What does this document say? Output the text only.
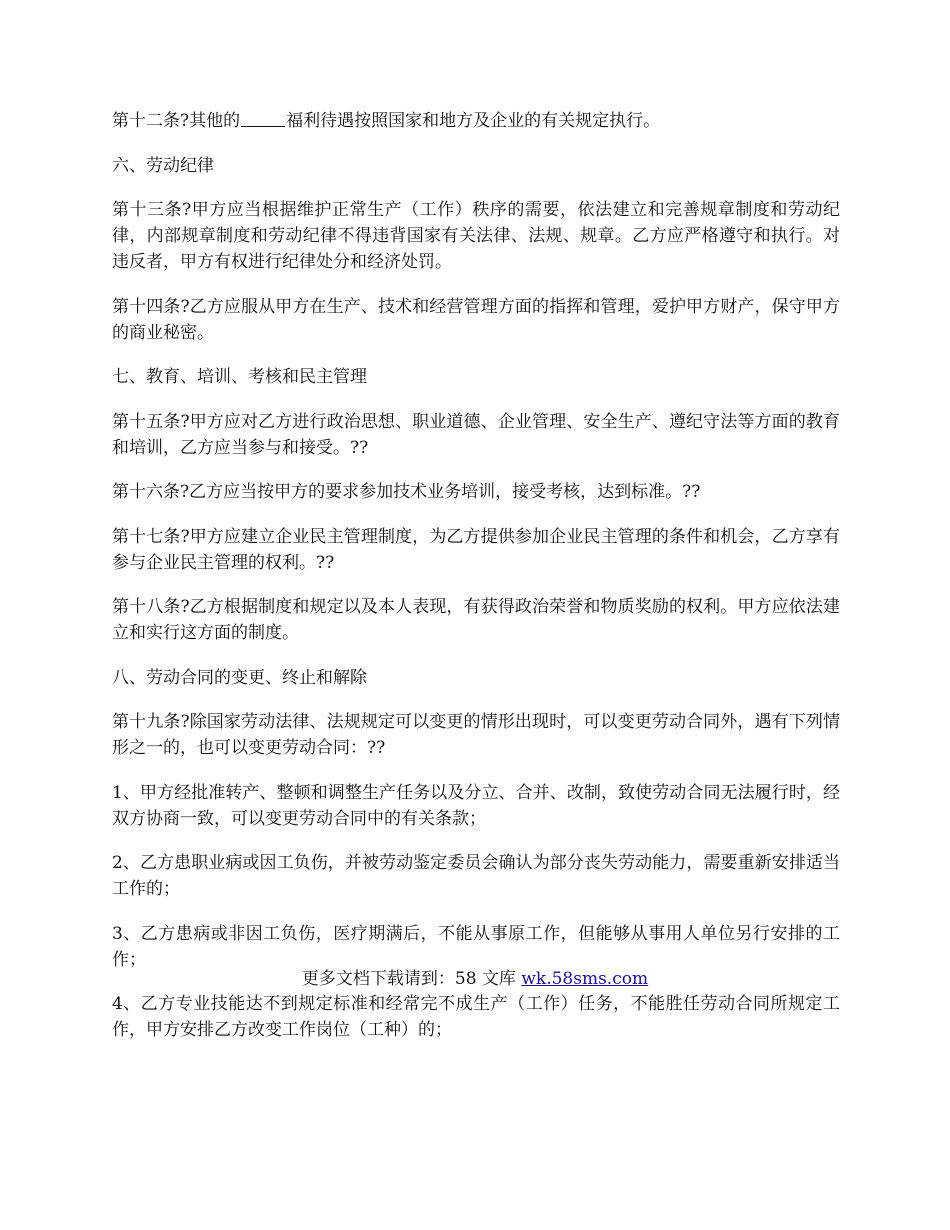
第十二条?其他的	福利待遇按照国家和地方及企业的有关规定执行。

六、劳动纪律

第十三条?甲方应当根据维护正常生产（工作）秩序的需要，依法建立和完善规章制度和劳动纪律，内部规章制度和劳动纪律不得违背国家有关法律、法规、规章。乙方应严格遵守和执行。对违反者，甲方有权进行纪律处分和经济处罚。

第十四条?乙方应服从甲方在生产、技术和经营管理方面的指挥和管理，爱护甲方财产，保守甲方的商业秘密。

七、教育、培训、考核和民主管理

第十五条?甲方应对乙方进行政治思想、职业道德、企业管理、安全生产、遵纪守法等方面的教育和培训，乙方应当参与和接受。??

第十六条?乙方应当按甲方的要求参加技术业务培训，接受考核，达到标准。??

第十七条?甲方应建立企业民主管理制度，为乙方提供参加企业民主管理的条件和机会，乙方享有参与企业民主管理的权利。??

第十八条?乙方根据制度和规定以及本人表现，有获得政治荣誉和物质奖励的权利。甲方应依法建立和实行这方面的制度。

八、劳动合同的变更、终止和解除

第十九条?除国家劳动法律、法规规定可以变更的情形出现时，可以变更劳动合同外，遇有下列情形之一的，也可以变更劳动合同：??

1、甲方经批准转产、整顿和调整生产任务以及分立、合并、改制，致使劳动合同无法履行时，经双方协商一致，可以变更劳动合同中的有关条款；

2、乙方患职业病或因工负伤，并被劳动鉴定委员会确认为部分丧失劳动能力，需要重新安排适当工作的；

3、乙方患病或非因工负伤，医疗期满后，不能从事原工作，但能够从事用人单位另行安排的工作；

4、乙方专业技能达不到规定标准和经常完不成生产（工作）任务，不能胜任劳动合同所规定工作，甲方安排乙方改变工作岗位（工种）的；

更多文档下载请到：58 文库 wk.58sms.com
